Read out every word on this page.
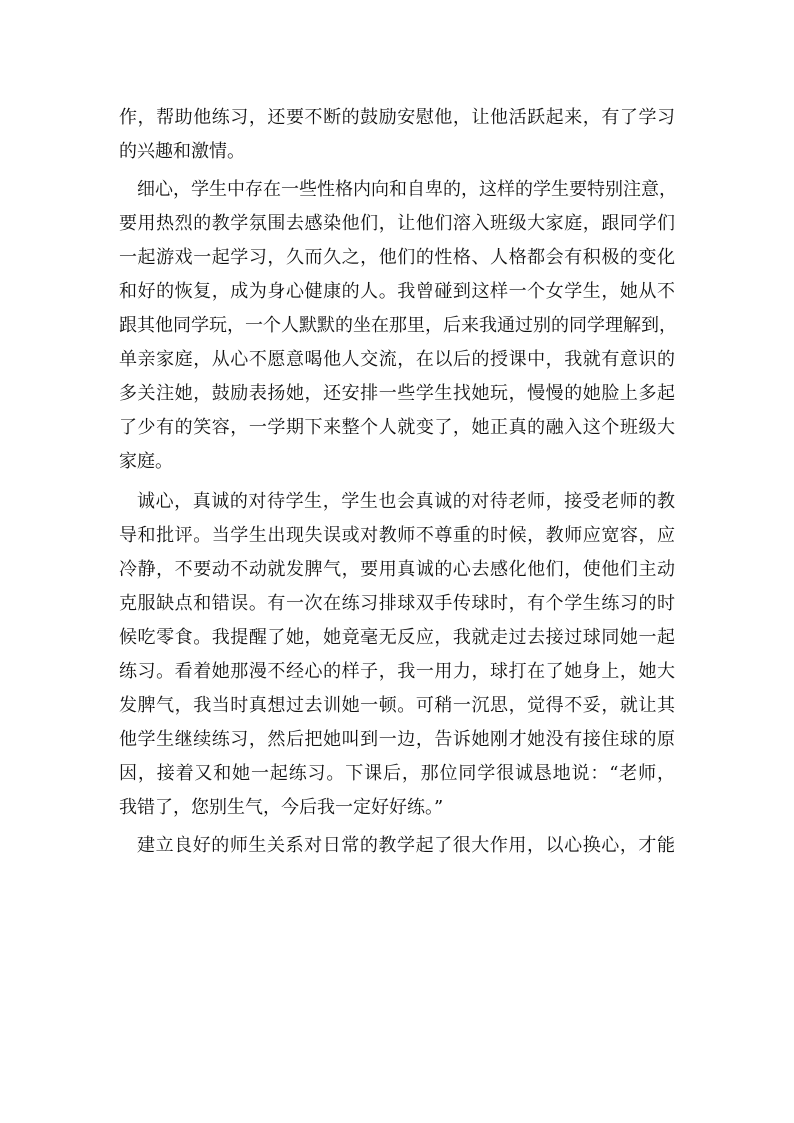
作，帮助他练习，还要不断的鼓励安慰他，让他活跃起来，有了学习
的兴趣和激情。
细心，学生中存在一些性格内向和自卑的，这样的学生要特别注意，
要用热烈的教学氛围去感染他们，让他们溶入班级大家庭，跟同学们
一起游戏一起学习，久而久之，他们的性格、人格都会有积极的变化
和好的恢复，成为身心健康的人。我曾碰到这样一个女学生，她从不
跟其他同学玩，一个人默默的坐在那里，后来我通过别的同学理解到，
单亲家庭，从心不愿意喝他人交流，在以后的授课中，我就有意识的
多关注她，鼓励表扬她，还安排一些学生找她玩，慢慢的她脸上多起
了少有的笑容，一学期下来整个人就变了，她正真的融入这个班级大
家庭。
诚心，真诚的对待学生，学生也会真诚的对待老师，接受老师的教
导和批评。当学生出现失误或对教师不尊重的时候，教师应宽容，应
冷静，不要动不动就发脾气，要用真诚的心去感化他们，使他们主动
克服缺点和错误。有一次在练习排球双手传球时，有个学生练习的时
候吃零食。我提醒了她，她竟毫无反应，我就走过去接过球同她一起
练习。看着她那漫不经心的样子，我一用力，球打在了她身上，她大
发脾气，我当时真想过去训她一顿。可稍一沉思，觉得不妥，就让其
他学生继续练习，然后把她叫到一边，告诉她刚才她没有接住球的原
因，接着又和她一起练习。下课后，那位同学很诚恳地说：“老师，
我错了，您别生气，今后我一定好好练。”
建立良好的师生关系对日常的教学起了很大作用，以心换心，才能
